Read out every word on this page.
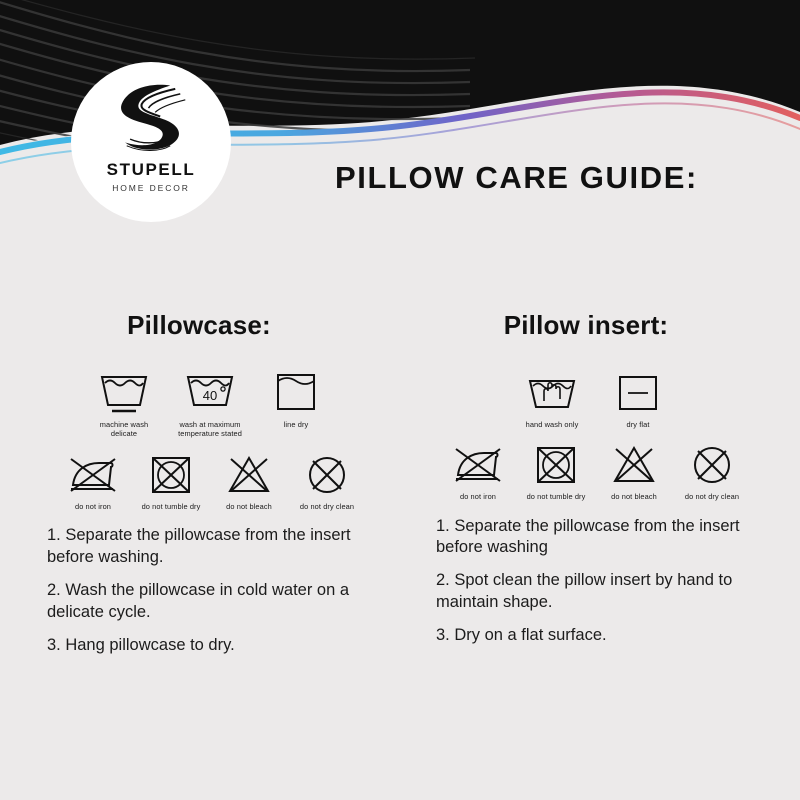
STUPELL
HOME DECOR	PILLOW CARE GUIDE:
Pillowcase:
machine wash delicate
40
wash at maximum temperature stated
line dry
do not iron	do not tumble dry	do not bleach	do not dry clean
1. Separate the pillowcase from the insert before washing.
2. Wash the pillowcase in cold water on a delicate cycle.
3. Hang pillowcase to dry.
Pillow insert:
hand wash only	dry flat
do not iron	do not tumble dry	do not bleach	do not dry clean
1. Separate the pillowcase from the insert before washing
2. Spot clean the pillow insert by hand to maintain shape.
3. Dry on a flat surface.
